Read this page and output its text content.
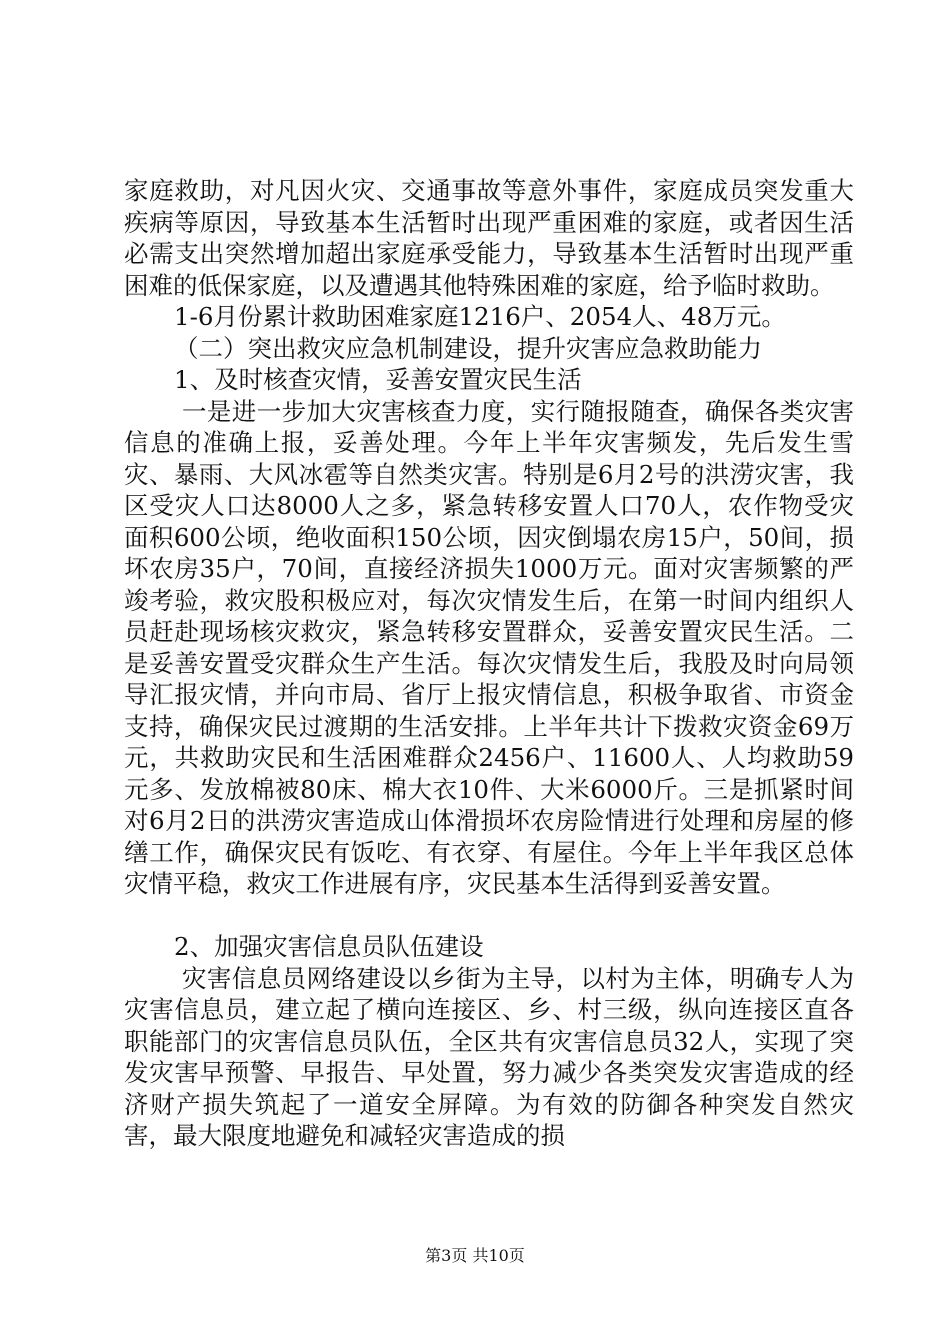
家庭救助，对凡因火灾、交通事故等意外事件，家庭成员突发重大疾病等原因，导致基本生活暂时出现严重困难的家庭，或者因生活必需支出突然增加超出家庭承受能力，导致基本生活暂时出现严重困难的低保家庭，以及遭遇其他特殊困难的家庭，给予临时救助。

1-6月份累计救助困难家庭1216户、2054人、48万元。

（二）突出救灾应急机制建设，提升灾害应急救助能力

1、及时核查灾情，妥善安置灾民生活

一是进一步加大灾害核查力度，实行随报随查，确保各类灾害信息的准确上报，妥善处理。今年上半年灾害频发，先后发生雪灾、暴雨、大风冰雹等自然类灾害。特别是6月2号的洪涝灾害，我区受灾人口达8000人之多，紧急转移安置人口70人，农作物受灾面积600公顷，绝收面积150公顷，因灾倒塌农房15户，50间，损坏农房35户，70间，直接经济损失1000万元。面对灾害频繁的严竣考验，救灾股积极应对，每次灾情发生后，在第一时间内组织人员赶赴现场核灾救灾，紧急转移安置群众，妥善安置灾民生活。二是妥善安置受灾群众生产生活。每次灾情发生后，我股及时向局领导汇报灾情，并向市局、省厅上报灾情信息，积极争取省、市资金支持，确保灾民过渡期的生活安排。上半年共计下拨救灾资金69万元，共救助灾民和生活困难群众2456户、11600人、人均救助59元多、发放棉被80床、棉大衣10件、大米6000斤。三是抓紧时间对6月2日的洪涝灾害造成山体滑损坏农房险情进行处理和房屋的修缮工作，确保灾民有饭吃、有衣穿、有屋住。今年上半年我区总体灾情平稳，救灾工作进展有序，灾民基本生活得到妥善安置。

2、加强灾害信息员队伍建设

灾害信息员网络建设以乡街为主导，以村为主体，明确专人为灾害信息员，建立起了横向连接区、乡、村三级，纵向连接区直各职能部门的灾害信息员队伍，全区共有灾害信息员32人，实现了突发灾害早预警、早报告、早处置，努力减少各类突发灾害造成的经济财产损失筑起了一道安全屏障。为有效的防御各种突发自然灾害，最大限度地避免和减轻灾害造成的损

第3页 共10页
